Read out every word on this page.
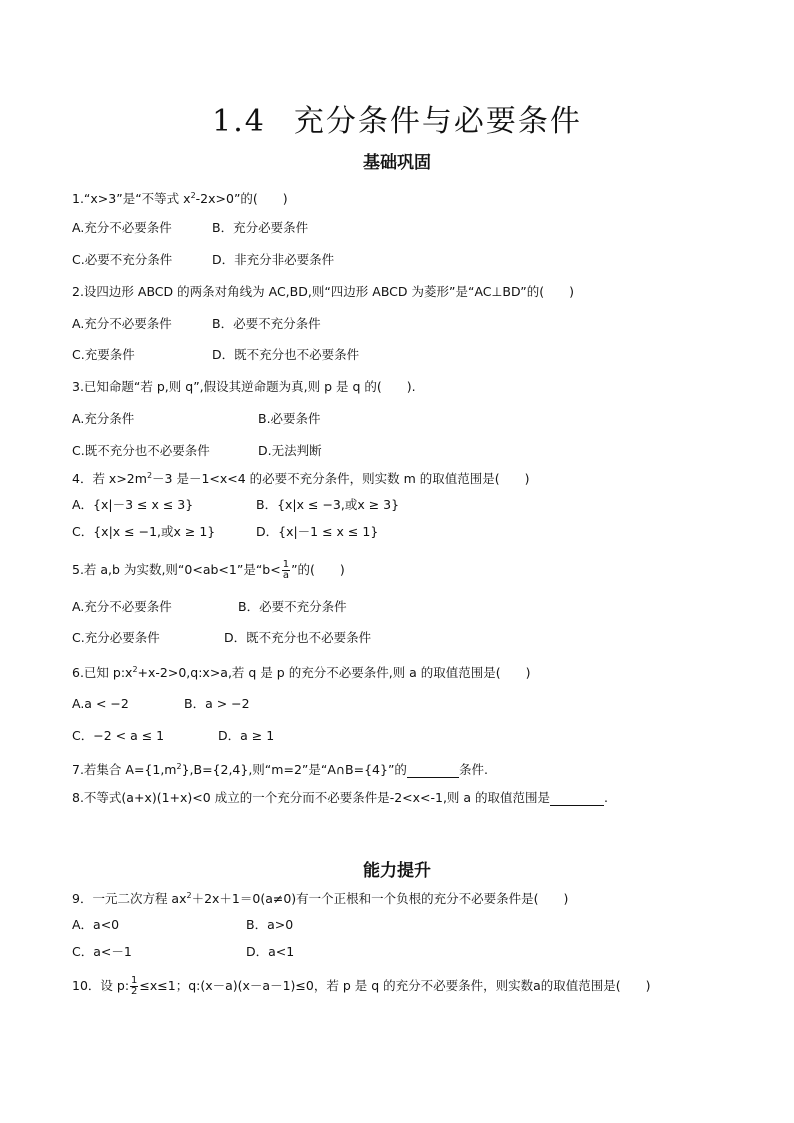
1.4 充分条件与必要条件
基础巩固
1.“x>3”是“不等式 $x^2-2x>0$”的(　　)
A.充分不必要条件	B．充分必要条件
C.必要不充分条件	D．非充分非必要条件
2.设四边形 ABCD 的两条对角线为 AC,BD,则“四边形 ABCD 为菱形”是“AC⊥BD”的(　　)
A.充分不必要条件	B．必要不充分条件
C.充要条件	D．既不充分也不必要条件
3.已知命题“若 p,则 q”,假设其逆命题为真,则 p 是 q 的(　　).
A.充分条件	B.必要条件
C.既不充分也不必要条件	D.无法判断
4．若 $x>2m^2-3$ 是－1<x<4 的必要不充分条件，则实数 m 的取值范围是(　　)
A．{x|－3 ≤ x ≤ 3}	B．{x|x ≤ −3,或x ≥ 3}
C．{x|x ≤ −1,或x ≥ 1}	D．{x|－1 ≤ x ≤ 1}
5.若 a,b 为实数,则“0<ab<1”是“$b< \frac{1}{a}$ ”的(　　)
A.充分不必要条件	B．必要不充分条件
C.充分必要条件	D．既不充分也不必要条件
6.已知 $p:x^2+x-2>0,q:x>a$,若 q 是 p 的充分不必要条件,则 a 的取值范围是(　　)
A.a < −2	B．a > −2
C．−2 < a ≤ 1	D．a ≥ 1
7.若集合 $A=\{1,m^2\},B=\{2,4\}$,则“m=2”是“A∩B={4}”的	条件.
8.不等式(a+x)(1+x)<0 成立的一个充分而不必要条件是-2<x<-1,则 a 的取值范围是	.
能力提升
9．一元二次方程 $ax^2+2x+1=0(a\ne 0)$有一个正根和一个负根的充分不必要条件是(　　)
A．a<0	B．a>0
C．a<－1	D．a<1
10．设 p: $\frac{1}{2} \le x\le 1$；q:(x－a)(x－a－1)≤0，若 p 是 q 的充分不必要条件，则实数a的取值范围是(　　)
